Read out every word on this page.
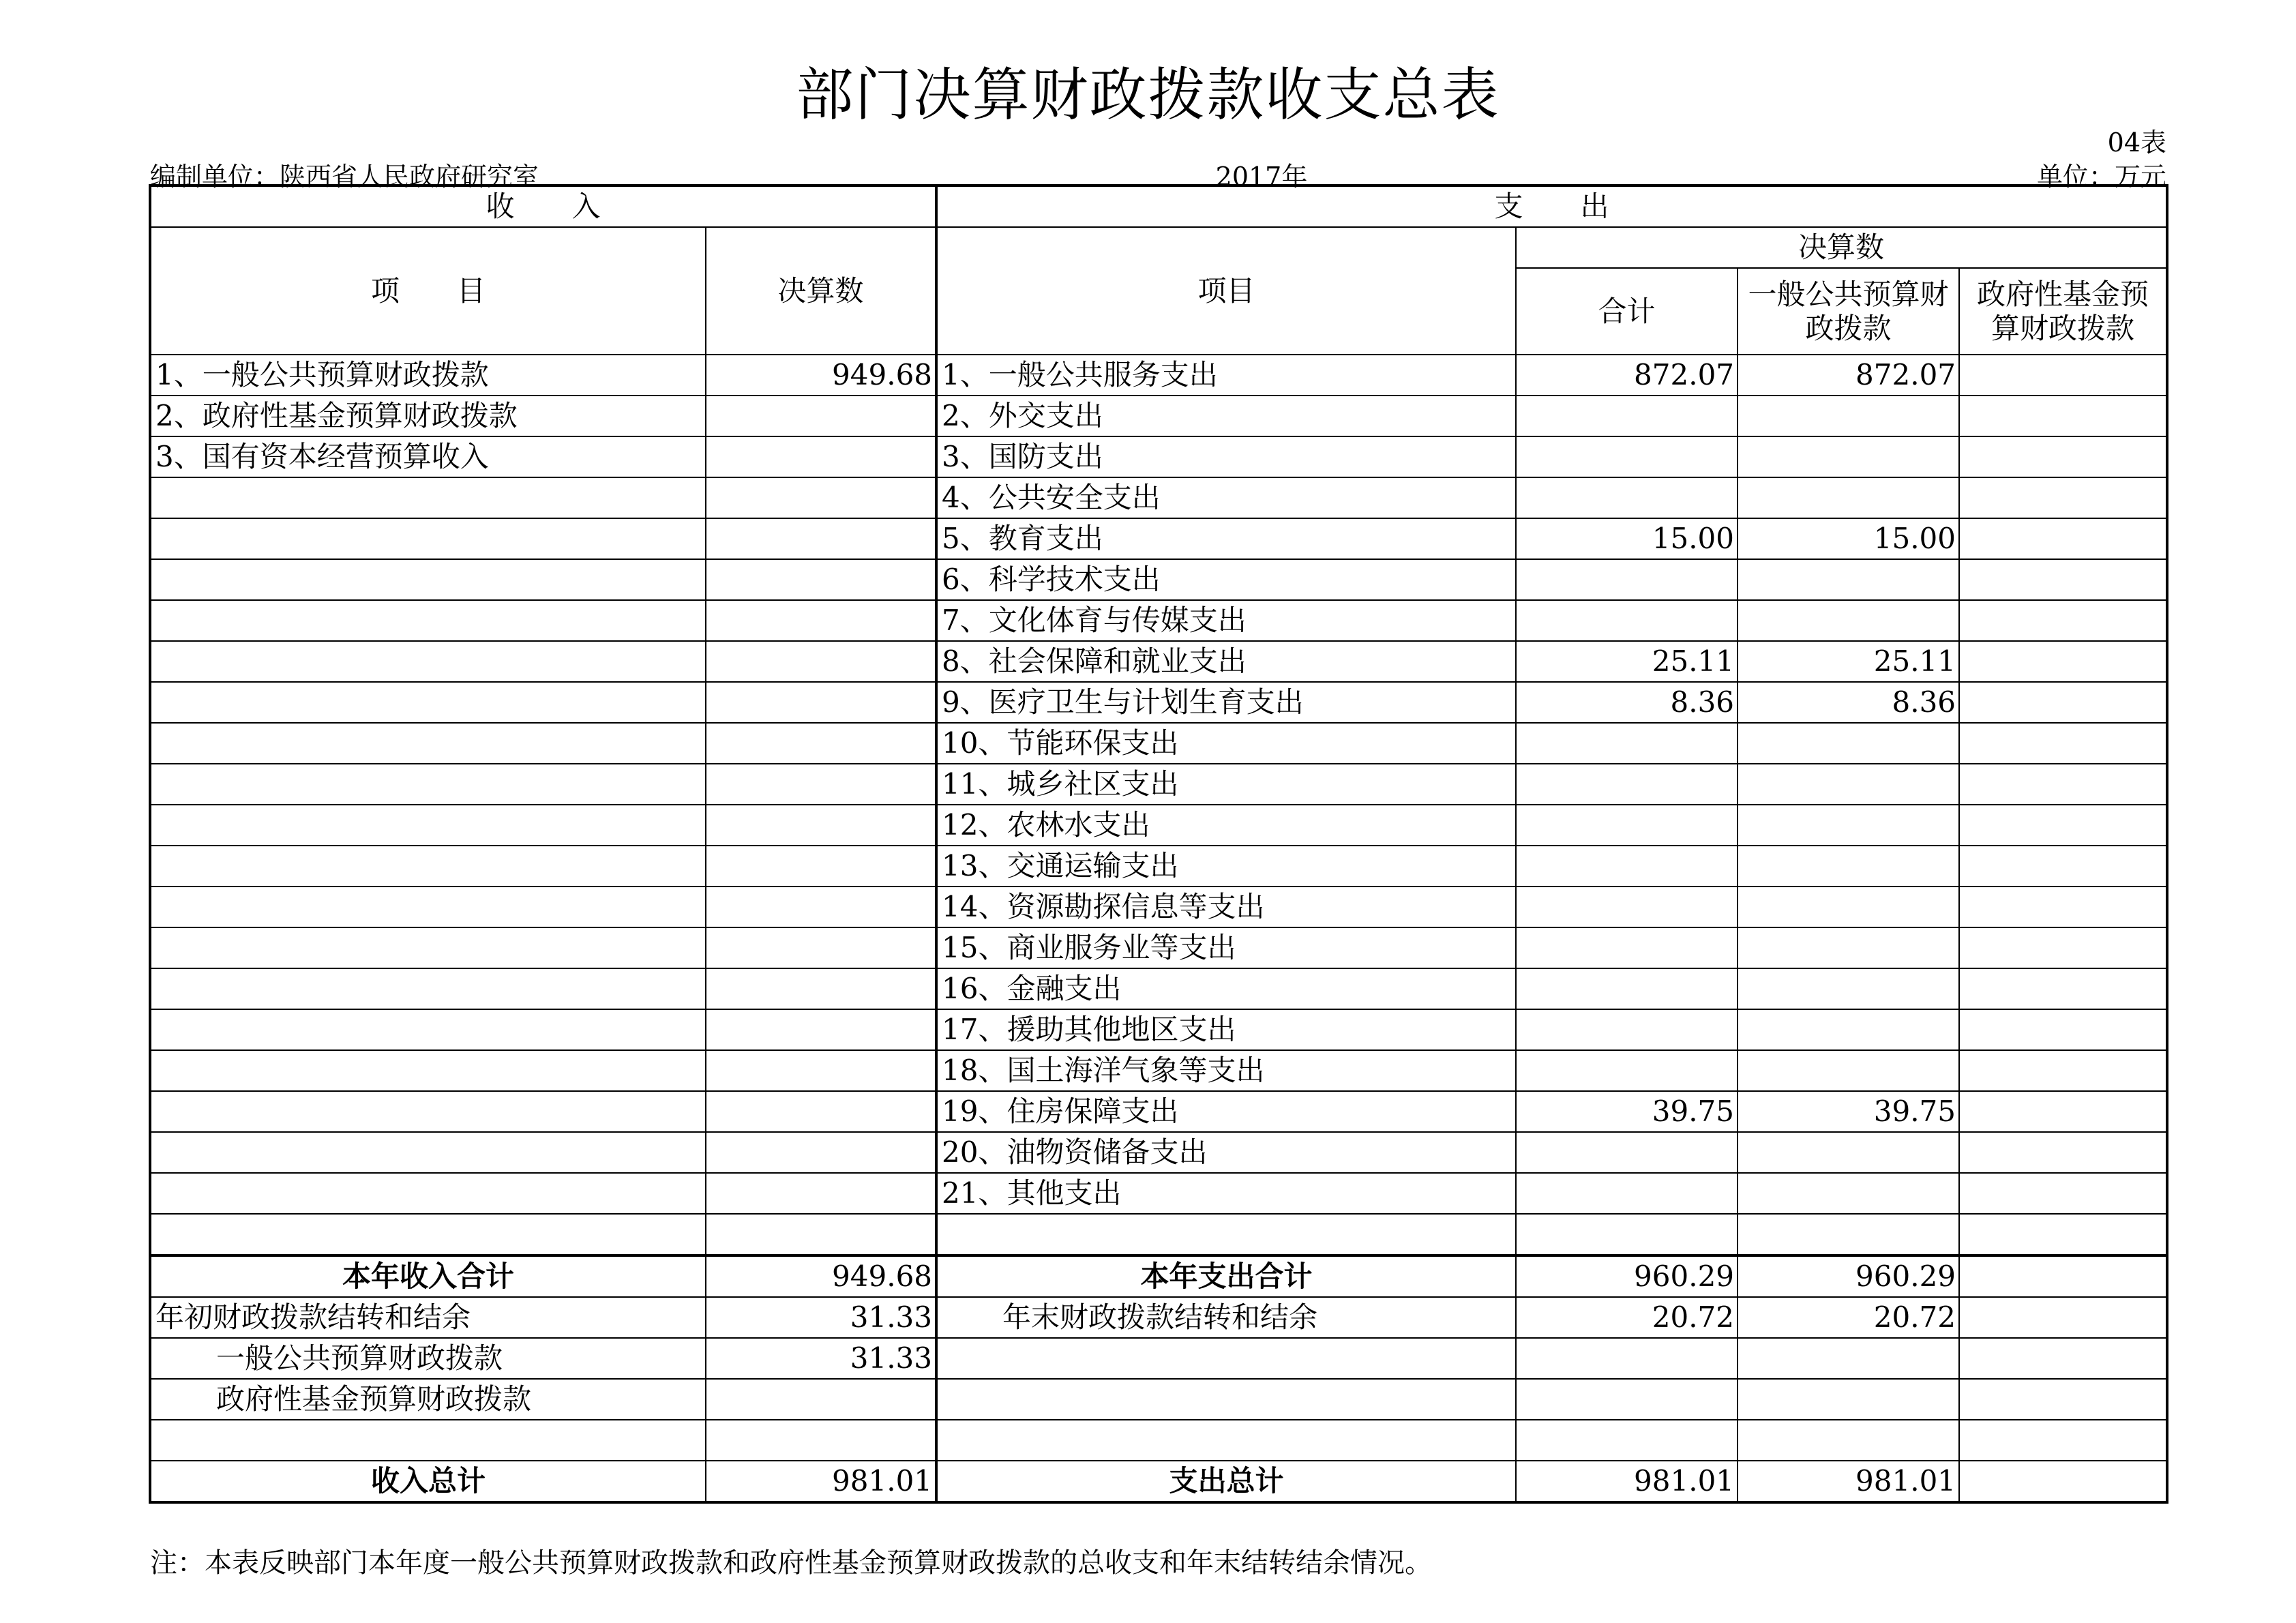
部门决算财政拨款收支总表
04表
编制单位：陕西省人民政府研究室	2017年	单位：万元
收　　入		支　　出			
项　　目	决算数	项目	决算数		
			合计	一般公共预算财政拨款	政府性基金预算财政拨款
1、一般公共预算财政拨款	949.68	1、一般公共服务支出	872.07	872.07	
2、政府性基金预算财政拨款		2、外交支出			
3、国有资本经营预算收入		3、国防支出			
		4、公共安全支出			
		5、教育支出	15.00	15.00	
		6、科学技术支出			
		7、文化体育与传媒支出			
		8、社会保障和就业支出	25.11	25.11	
		9、医疗卫生与计划生育支出	8.36	8.36	
		10、节能环保支出			
		11、城乡社区支出			
		12、农林水支出			
		13、交通运输支出			
		14、资源勘探信息等支出			
		15、商业服务业等支出			
		16、金融支出			
		17、援助其他地区支出			
		18、国土海洋气象等支出			
		19、住房保障支出	39.75	39.75	
		20、油物资储备支出			
		21、其他支出			

本年收入合计	949.68	本年支出合计	960.29	960.29	
年初财政拨款结转和结余	31.33	年末财政拨款结转和结余	20.72	20.72	
一般公共预算财政拨款	31.33				
政府性基金预算财政拨款					

收入总计	981.01	支出总计	981.01	981.01	
注：本表反映部门本年度一般公共预算财政拨款和政府性基金预算财政拨款的总收支和年末结转结余情况。
